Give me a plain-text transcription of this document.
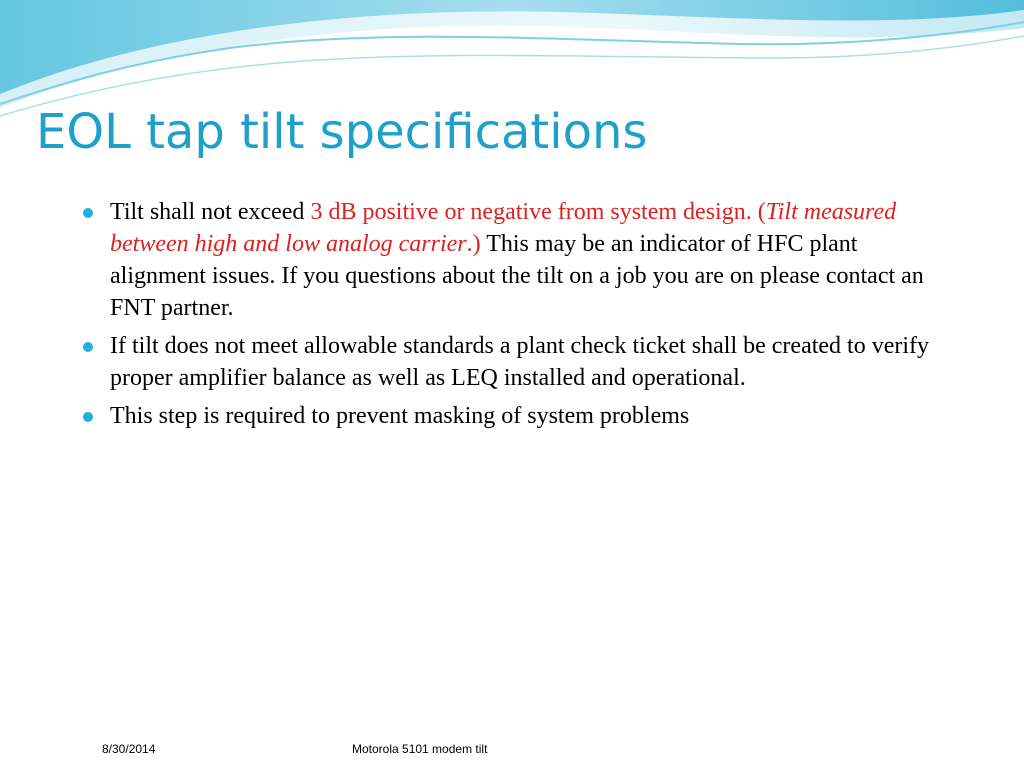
EOL tap tilt specifications
Tilt shall not exceed 3 dB positive or negative from system design. (Tilt measured between high and low analog carrier.) This may be an indicator of HFC plant alignment issues. If you questions about the tilt on a job you are on please contact an FNT partner.
If tilt does not meet allowable standards a plant check ticket shall be created to verify proper amplifier balance as well as LEQ installed and operational.
This step is required to prevent masking of system problems
8/30/2014	Motorola 5101 modem tilt
